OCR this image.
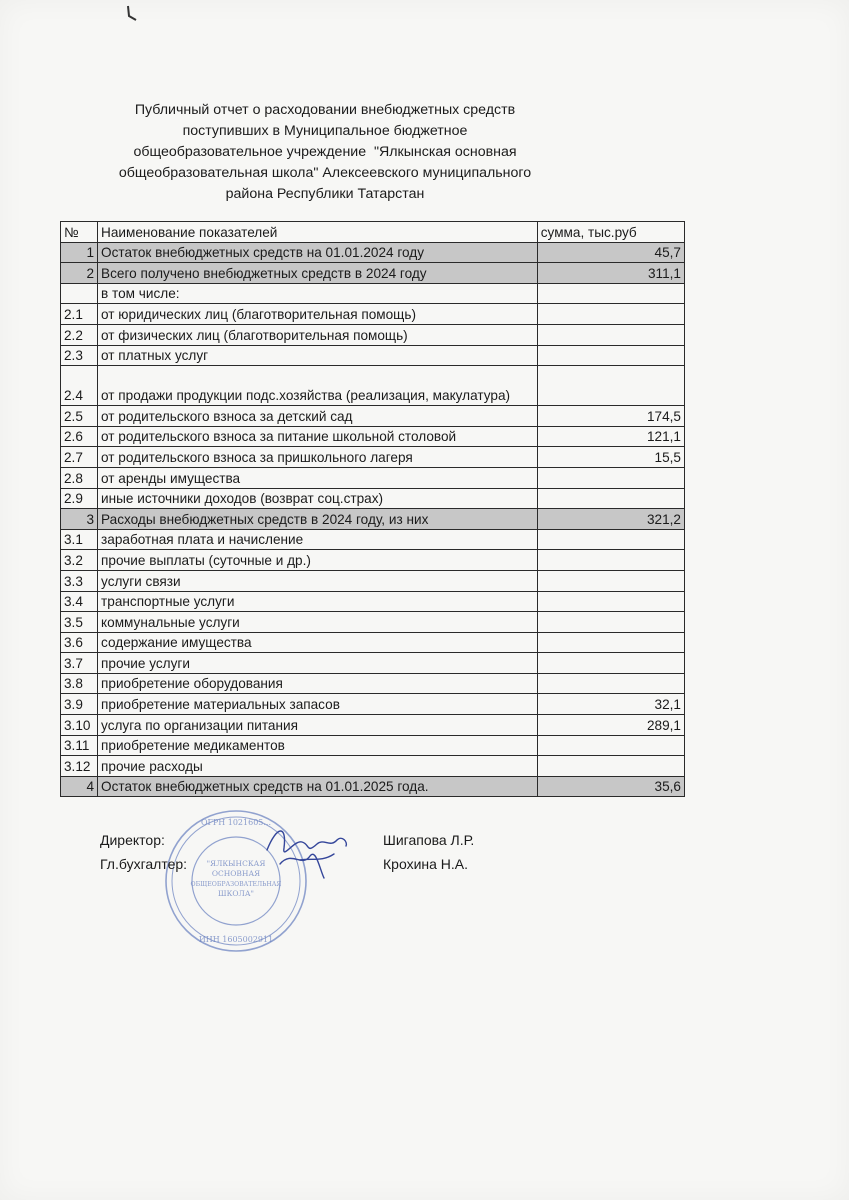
Публичный отчет о расходовании внебюджетных средств
поступивших в Муниципальное бюджетное
общеобразовательное учреждение  "Ялкынская основная
общеобразовательная школа" Алексеевского муниципального
района Республики Татарстан
№	Наименование показателей	сумма, тыс.руб
1	Остаток внебюджетных средств на 01.01.2024 году	45,7
2	Всего получено внебюджетных средств в 2024 году	311,1
	в том числе:	
2.1	от юридических лиц (благотворительная помощь)	
2.2	от физических лиц (благотворительная помощь)	
2.3	от платных услуг	
2.4	от продажи продукции подс.хозяйства (реализация, макулатура)	
2.5	от родительского взноса за детский сад	174,5
2.6	от родительского взноса за питание школьной столовой	121,1
2.7	от родительского взноса за пришкольного лагеря	15,5
2.8	от аренды имущества	
2.9	иные источники доходов (возврат соц.страх)	
3	Расходы внебюджетных средств в 2024 году, из них	321,2
3.1	заработная плата и начисление	
3.2	прочие выплаты (суточные и др.)	
3.3	услуги связи	
3.4	транспортные услуги	
3.5	коммунальные услуги	
3.6	содержание имущества	
3.7	прочие услуги	
3.8	приобретение оборудования	
3.9	приобретение материальных запасов	32,1
3.10	услуга по организации питания	289,1
3.11	приобретение медикаментов	
3.12	прочие расходы	
4	Остаток внебюджетных средств на 01.01.2025 года.	35,6
ОГРН 1021605...
"ЯЛКЫНСКАЯ
ОСНОВНАЯ
ОБЩЕОБРАЗОВАТЕЛЬНАЯ
ШКОЛА"
ИНН 1605002911
Директор:	Шигапова Л.Р.
Гл.бухгалтер:	Крохина Н.А.
